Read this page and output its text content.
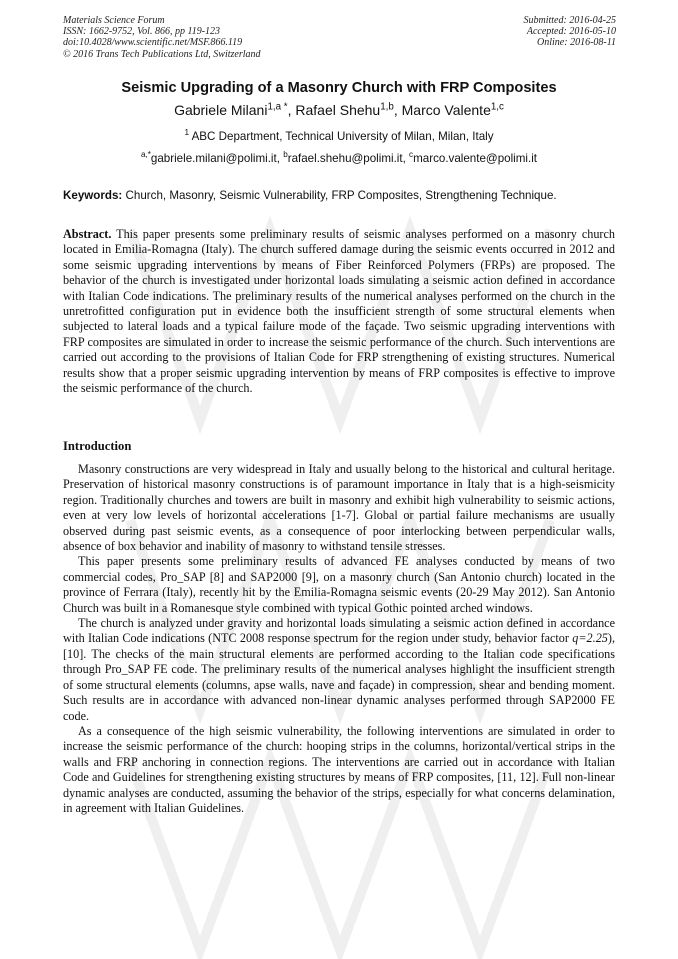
Materials Science Forum
ISSN: 1662-9752, Vol. 866, pp 119-123
doi:10.4028/www.scientific.net/MSF.866.119
© 2016 Trans Tech Publications Ltd, Switzerland
Submitted: 2016-04-25
Accepted: 2016-05-10
Online: 2016-08-11
Seismic Upgrading of a Masonry Church with FRP Composites
Gabriele Milani$^{1,a *}$, Rafael Shehu$^{1,b}$, Marco Valente$^{1,c}$
$^1$ ABC Department, Technical University of Milan, Milan, Italy
$^{a,*}$gabriele.milani@polimi.it, $^b$rafael.shehu@polimi.it, $^c$marco.valente@polimi.it
Keywords: Church, Masonry, Seismic Vulnerability, FRP Composites, Strengthening Technique.
Abstract. This paper presents some preliminary results of seismic analyses performed on a masonry church located in Emilia-Romagna (Italy). The church suffered damage during the seismic events occurred in 2012 and some seismic upgrading interventions by means of Fiber Reinforced Polymers (FRPs) are proposed. The behavior of the church is investigated under horizontal loads simulating a seismic action defined in accordance with Italian Code indications. The preliminary results of the numerical analyses performed on the church in the unretrofitted configuration put in evidence both the insufficient strength of some structural elements when subjected to lateral loads and a typical failure mode of the façade. Two seismic upgrading interventions with FRP composites are simulated in order to increase the seismic performance of the church. Such interventions are carried out according to the provisions of Italian Code for FRP strengthening of existing structures. Numerical results show that a proper seismic upgrading intervention by means of FRP composites is effective to improve the seismic performance of the church.
Introduction

Masonry constructions are very widespread in Italy and usually belong to the historical and cultural heritage. Preservation of historical masonry constructions is of paramount importance in Italy that is a high-seismicity region. Traditionally churches and towers are built in masonry and exhibit high vulnerability to seismic actions, even at very low levels of horizontal accelerations [1-7]. Global or partial failure mechanisms are usually observed during past seismic events, as a consequence of poor interlocking between perpendicular walls, absence of box behavior and inability of masonry to withstand tensile stresses.

This paper presents some preliminary results of advanced FE analyses conducted by means of two commercial codes, Pro_SAP [8] and SAP2000 [9], on a masonry church (San Antonio church) located in the province of Ferrara (Italy), recently hit by the Emilia-Romagna seismic events (20-29 May 2012). San Antonio Church was built in a Romanesque style combined with typical Gothic pointed arched windows.

The church is analyzed under gravity and horizontal loads simulating a seismic action defined in accordance with Italian Code indications (NTC 2008 response spectrum for the region under study, behavior factor q=2.25), [10]. The checks of the main structural elements are performed according to the Italian code specifications through Pro_SAP FE code. The preliminary results of the numerical analyses highlight the insufficient strength of some structural elements (columns, apse walls, nave and façade) in compression, shear and bending moment. Such results are in accordance with advanced non-linear dynamic analyses performed through SAP2000 FE code.

As a consequence of the high seismic vulnerability, the following interventions are simulated in order to increase the seismic performance of the church: hooping strips in the columns, horizontal/vertical strips in the walls and FRP anchoring in connection regions. The interventions are carried out in accordance with Italian Code and Guidelines for strengthening existing structures by means of FRP composites, [11, 12]. Full non-linear dynamic analyses are conducted, assuming the behavior of the strips, especially for what concerns delamination, in agreement with Italian Guidelines.
